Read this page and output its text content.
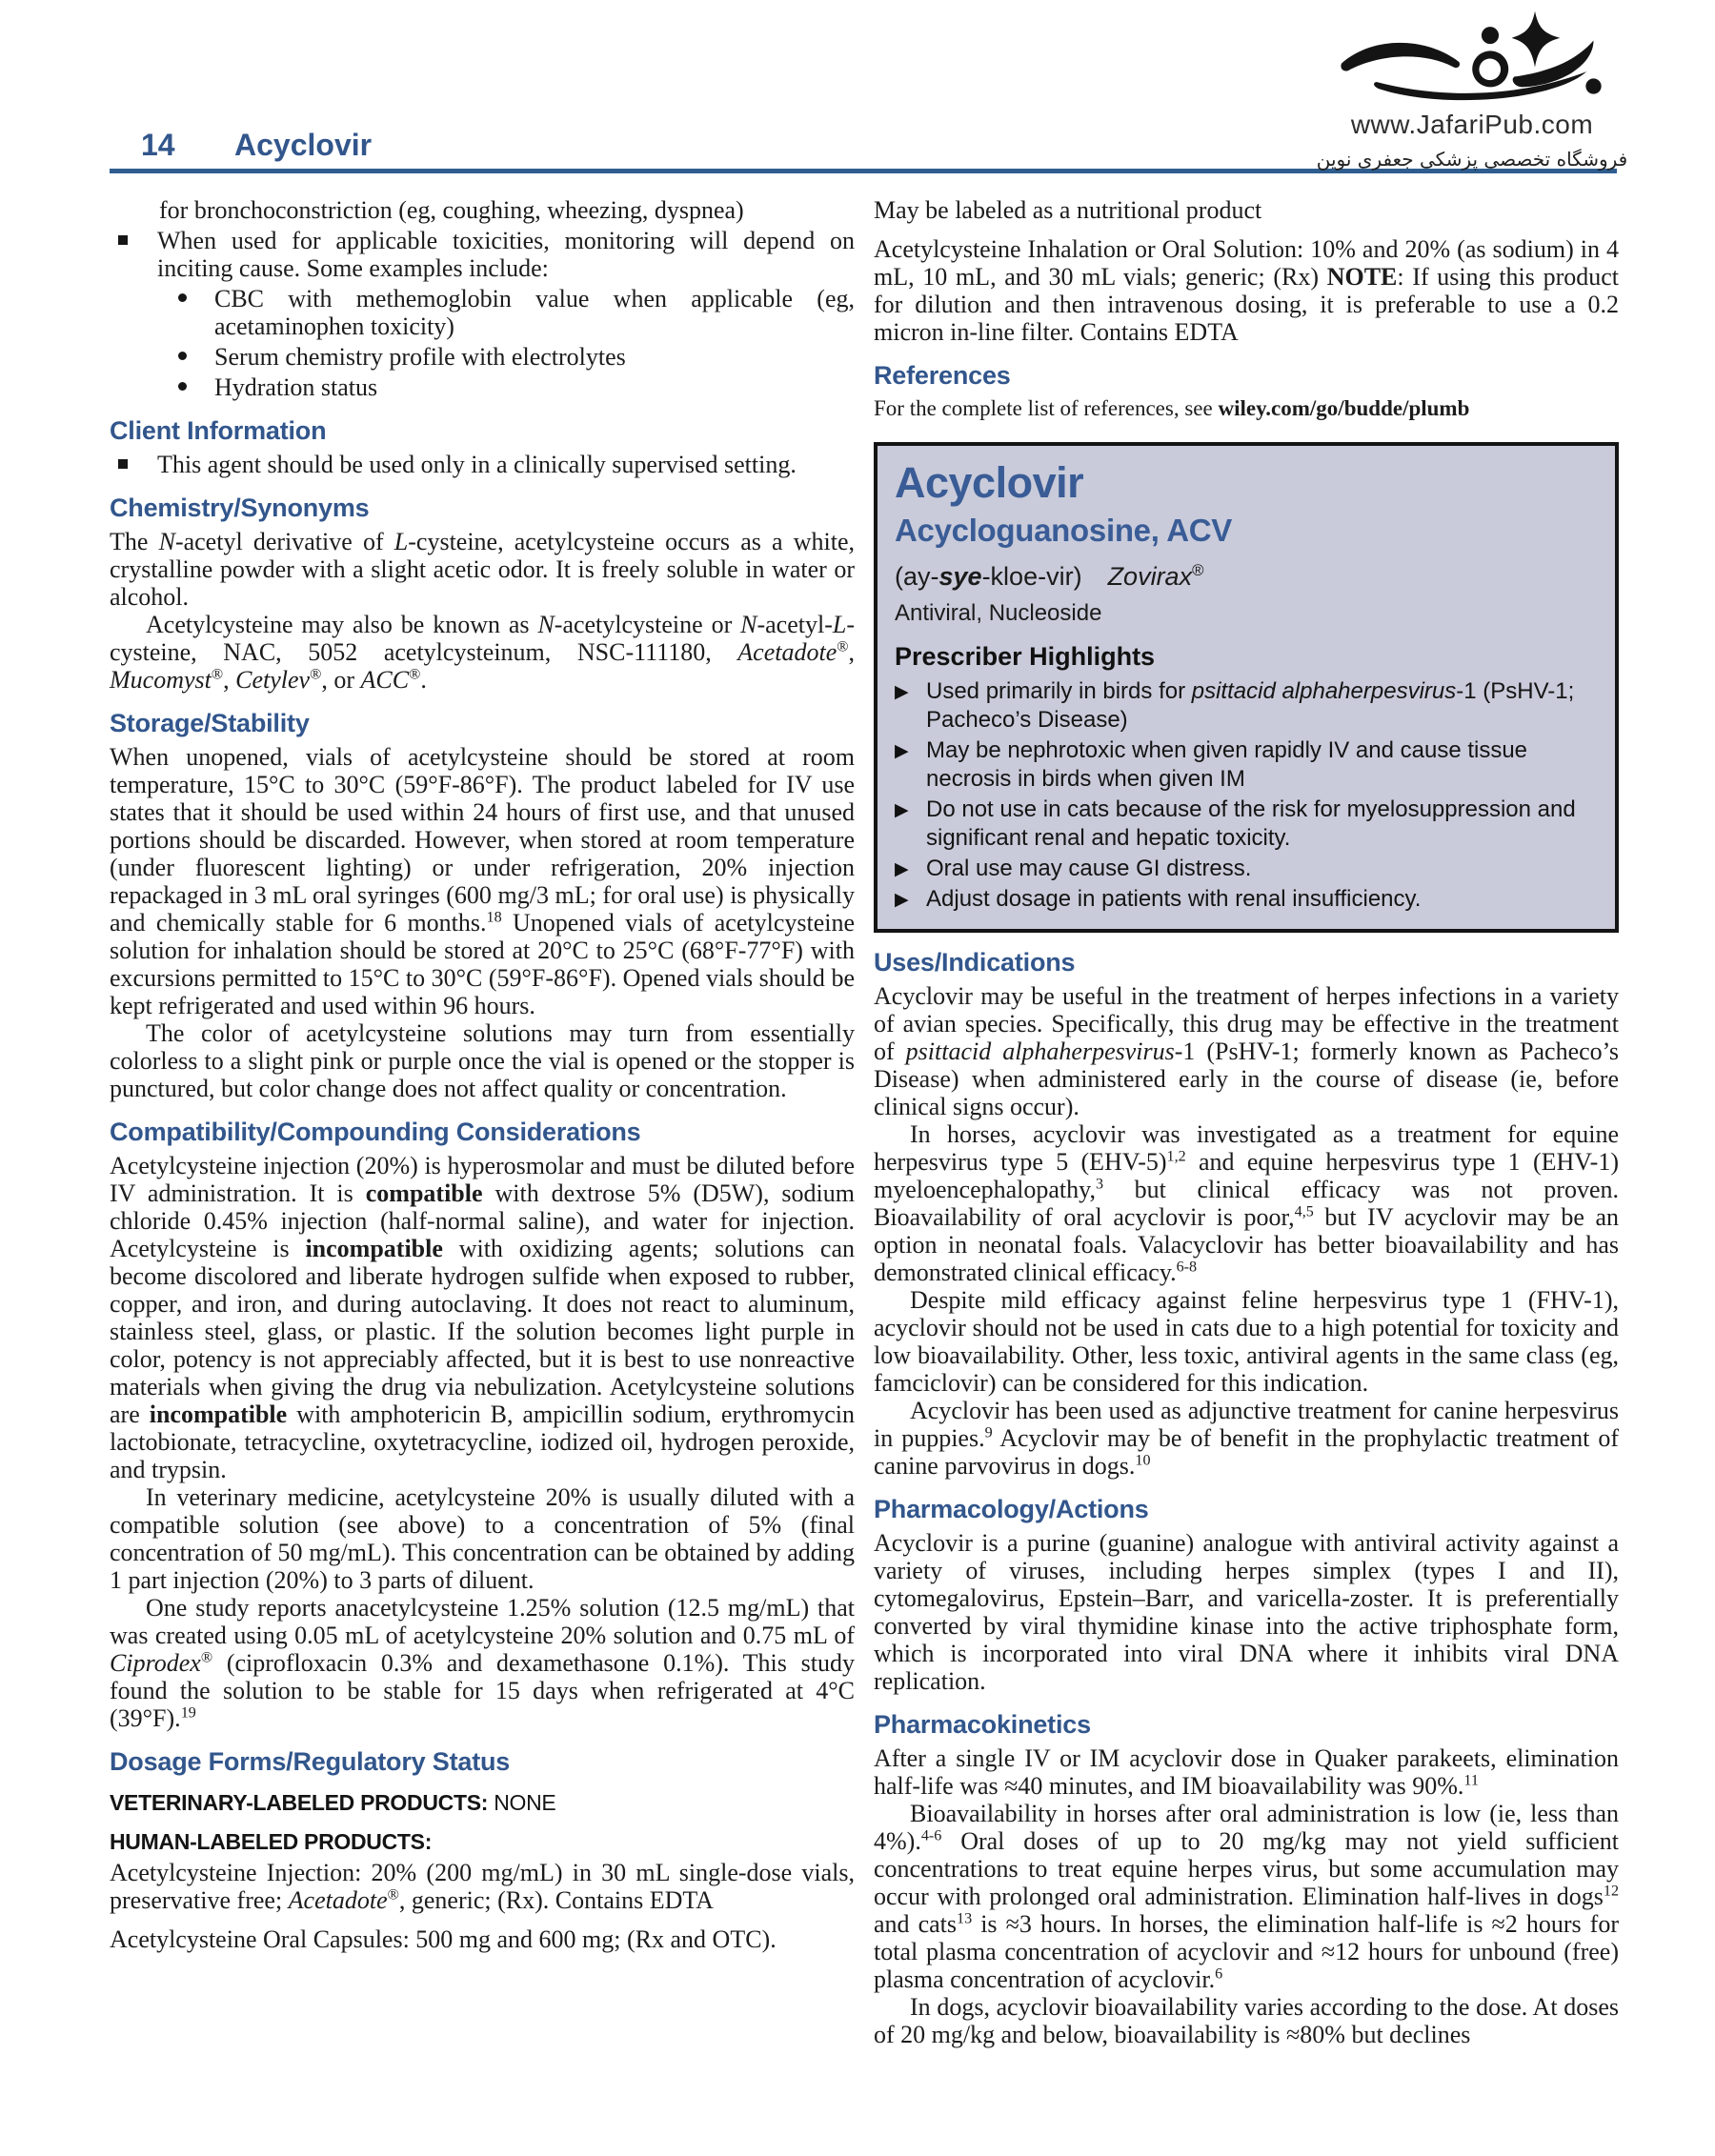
14 Acyclovir
www.JafariPub.com
فروشگاه تخصصی پزشکی جعفری نوین

for bronchoconstriction (eg, coughing, wheezing, dyspnea)

When used for applicable toxicities, monitoring will depend on inciting cause. Some examples include:
CBC with methemoglobin value when applicable (eg, acetaminophen toxicity)
Serum chemistry profile with electrolytes
Hydration status
Client Information
This agent should be used only in a clinically supervised setting.
Chemistry/Synonyms

The N-acetyl derivative of L-cysteine, acetylcysteine occurs as a white, crystalline powder with a slight acetic odor. It is freely soluble in water or alcohol.

Acetylcysteine may also be known as N-acetylcysteine or N-acetyl-L-cysteine, NAC, 5052 acetylcysteinum, NSC-111180, Acetadote®, Mucomyst®, Cetylev®, or ACC®.

Storage/Stability

When unopened, vials of acetylcysteine should be stored at room temperature, 15°C to 30°C (59°F-86°F). The product labeled for IV use states that it should be used within 24 hours of first use, and that unused portions should be discarded. However, when stored at room temperature (under fluorescent lighting) or under refrigeration, 20% injection repackaged in 3 mL oral syringes (600 mg/3 mL; for oral use) is physically and chemically stable for 6 months.$^{18}$ Unopened vials of acetylcysteine solution for inhalation should be stored at 20°C to 25°C (68°F-77°F) with excursions permitted to 15°C to 30°C (59°F-86°F). Opened vials should be kept refrigerated and used within 96 hours.

The color of acetylcysteine solutions may turn from essentially colorless to a slight pink or purple once the vial is opened or the stopper is punctured, but color change does not affect quality or concentration.

Compatibility/Compounding Considerations

Acetylcysteine injection (20%) is hyperosmolar and must be diluted before IV administration. It is compatible with dextrose 5% (D5W), sodium chloride 0.45% injection (half-normal saline), and water for injection. Acetylcysteine is incompatible with oxidizing agents; solutions can become discolored and liberate hydrogen sulfide when exposed to rubber, copper, and iron, and during autoclaving. It does not react to aluminum, stainless steel, glass, or plastic. If the solution becomes light purple in color, potency is not appreciably affected, but it is best to use nonreactive materials when giving the drug via nebulization. Acetylcysteine solutions are incompatible with amphotericin B, ampicillin sodium, erythromycin lactobionate, tetracycline, oxytetracycline, iodized oil, hydrogen peroxide, and trypsin.

In veterinary medicine, acetylcysteine 20% is usually diluted with a compatible solution (see above) to a concentration of 5% (final concentration of 50 mg/mL). This concentration can be obtained by adding 1 part injection (20%) to 3 parts of diluent.

One study reports anacetylcysteine 1.25% solution (12.5 mg/mL) that was created using 0.05 mL of acetylcysteine 20% solution and 0.75 mL of Ciprodex® (ciprofloxacin 0.3% and dexamethasone 0.1%). This study found the solution to be stable for 15 days when refrigerated at 4°C (39°F).$^{19}$

Dosage Forms/Regulatory Status

VETERINARY-LABELED PRODUCTS: NONE

HUMAN-LABELED PRODUCTS:

Acetylcysteine Injection: 20% (200 mg/mL) in 30 mL single-dose vials, preservative free; Acetadote®, generic; (Rx). Contains EDTA

Acetylcysteine Oral Capsules: 500 mg and 600 mg; (Rx and OTC).

May be labeled as a nutritional product

Acetylcysteine Inhalation or Oral Solution: 10% and 20% (as sodium) in 4 mL, 10 mL, and 30 mL vials; generic; (Rx) NOTE: If using this product for dilution and then intravenous dosing, it is preferable to use a 0.2 micron in-line filter. Contains EDTA

References

For the complete list of references, see wiley.com/go/budde/plumb

Acyclovir
Acycloguanosine, ACV

(ay-sye-kloe-vir) Zovirax®

Antiviral, Nucleoside

Prescriber Highlights
▶ Used primarily in birds for psittacid alphaherpesvirus-1 (PsHV-1; Pacheco’s Disease)
▶ May be nephrotoxic when given rapidly IV and cause tissue necrosis in birds when given IM
▶ Do not use in cats because of the risk for myelosuppression and significant renal and hepatic toxicity.
▶ Oral use may cause GI distress.
▶ Adjust dosage in patients with renal insufficiency.
Uses/Indications

Acyclovir may be useful in the treatment of herpes infections in a variety of avian species. Specifically, this drug may be effective in the treatment of psittacid alphaherpesvirus-1 (PsHV-1; formerly known as Pacheco’s Disease) when administered early in the course of disease (ie, before clinical signs occur).

In horses, acyclovir was investigated as a treatment for equine herpesvirus type 5 $(EHV-5)^{1,2}$ and equine herpesvirus type 1 (EHV-1) myeloencephalopathy,$^3$ but clinical efficacy was not proven. Bioavailability of oral acyclovir is poor,$^{4,5}$ but IV acyclovir may be an option in neonatal foals. Valacyclovir has better bioavailability and has demonstrated clinical efficacy.$^{6-8}$

Despite mild efficacy against feline herpesvirus type 1 (FHV-1), acyclovir should not be used in cats due to a high potential for toxicity and low bioavailability. Other, less toxic, antiviral agents in the same class (eg, famciclovir) can be considered for this indication.

Acyclovir has been used as adjunctive treatment for canine herpesvirus in puppies.$^9$ Acyclovir may be of benefit in the prophylactic treatment of canine parvovirus in dogs.$^{10}$

Pharmacology/Actions

Acyclovir is a purine (guanine) analogue with antiviral activity against a variety of viruses, including herpes simplex (types I and II), cytomegalovirus, Epstein–Barr, and varicella-zoster. It is preferentially converted by viral thymidine kinase into the active triphosphate form, which is incorporated into viral DNA where it inhibits viral DNA replication.

Pharmacokinetics

After a single IV or IM acyclovir dose in Quaker parakeets, elimination half-life was ≈40 minutes, and IM bioavailability was 90%.$^{11}$

Bioavailability in horses after oral administration is low (ie, less than 4%).$^{4-6}$ Oral doses of up to 20 mg/kg may not yield sufficient concentrations to treat equine herpes virus, but some accumulation may occur with prolonged oral administration. Elimination half-lives in dogs$^{12}$ and cats$^{13}$ is ≈3 hours. In horses, the elimination half-life is ≈2 hours for total plasma concentration of acyclovir and ≈12 hours for unbound (free) plasma concentration of acyclovir.$^6$

In dogs, acyclovir bioavailability varies according to the dose. At doses of 20 mg/kg and below, bioavailability is ≈80% but declines
